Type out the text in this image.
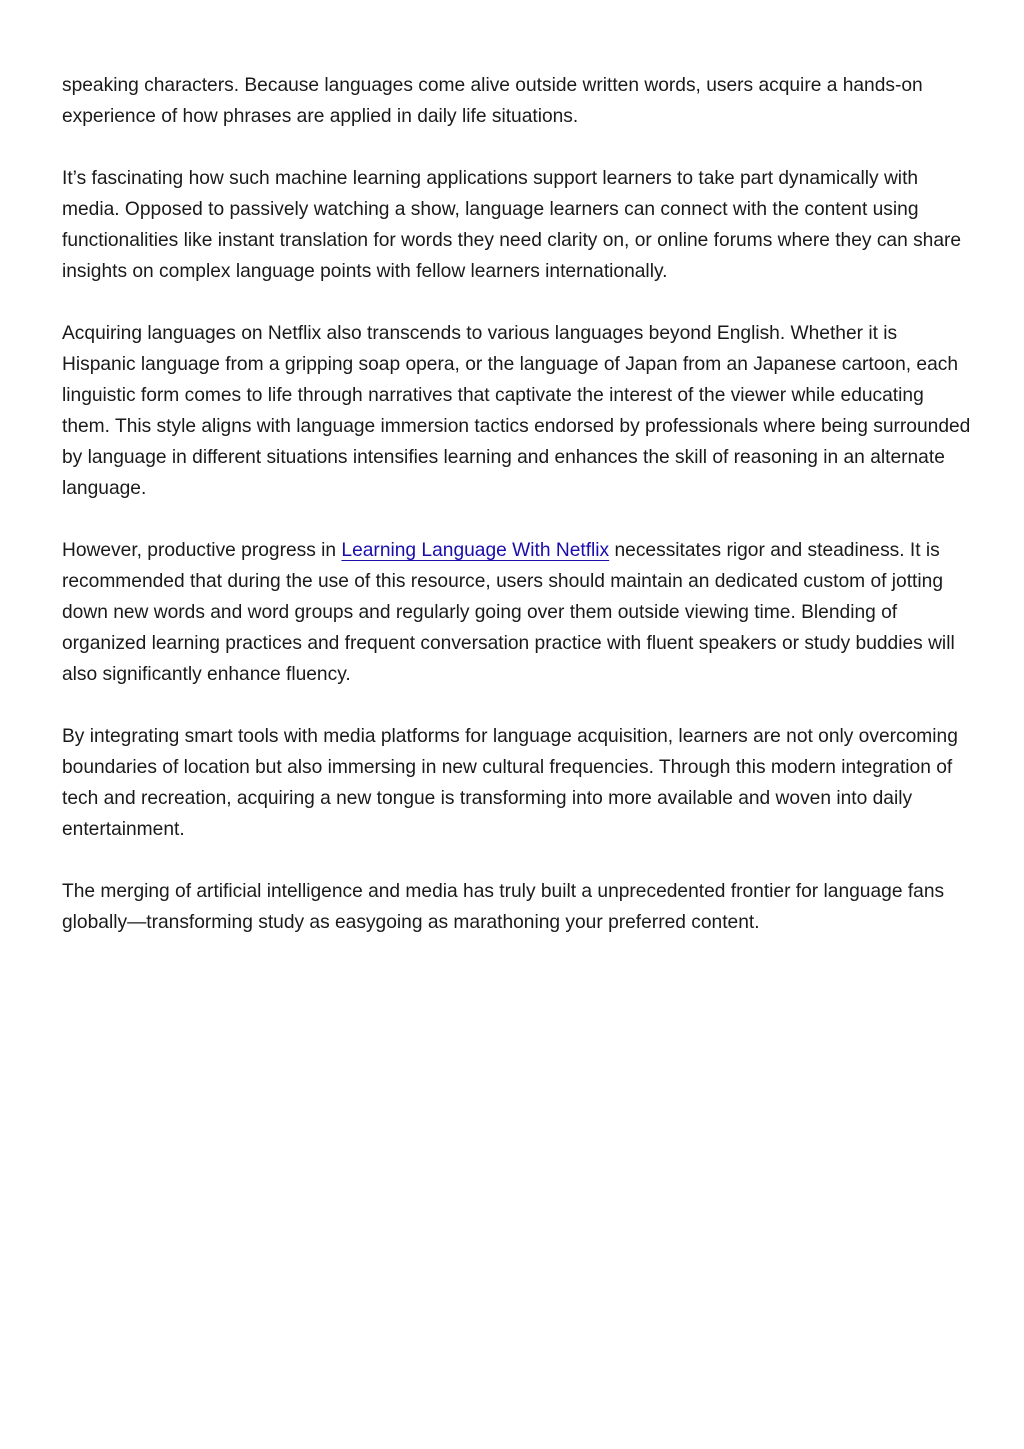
speaking characters. Because languages come alive outside written words, users acquire a hands-on experience of how phrases are applied in daily life situations.

It’s fascinating how such machine learning applications support learners to take part dynamically with media. Opposed to passively watching a show, language learners can connect with the content using functionalities like instant translation for words they need clarity on, or online forums where they can share insights on complex language points with fellow learners internationally.

Acquiring languages on Netflix also transcends to various languages beyond English. Whether it is Hispanic language from a gripping soap opera, or the language of Japan from an Japanese cartoon, each linguistic form comes to life through narratives that captivate the interest of the viewer while educating them. This style aligns with language immersion tactics endorsed by professionals where being surrounded by language in different situations intensifies learning and enhances the skill of reasoning in an alternate language.

However, productive progress in Learning Language With Netflix necessitates rigor and steadiness. It is recommended that during the use of this resource, users should maintain an dedicated custom of jotting down new words and word groups and regularly going over them outside viewing time. Blending of organized learning practices and frequent conversation practice with fluent speakers or study buddies will also significantly enhance fluency.

By integrating smart tools with media platforms for language acquisition, learners are not only overcoming boundaries of location but also immersing in new cultural frequencies. Through this modern integration of tech and recreation, acquiring a new tongue is transforming into more available and woven into daily entertainment.

The merging of artificial intelligence and media has truly built a unprecedented frontier for language fans globally—transforming study as easygoing as marathoning your preferred content.
